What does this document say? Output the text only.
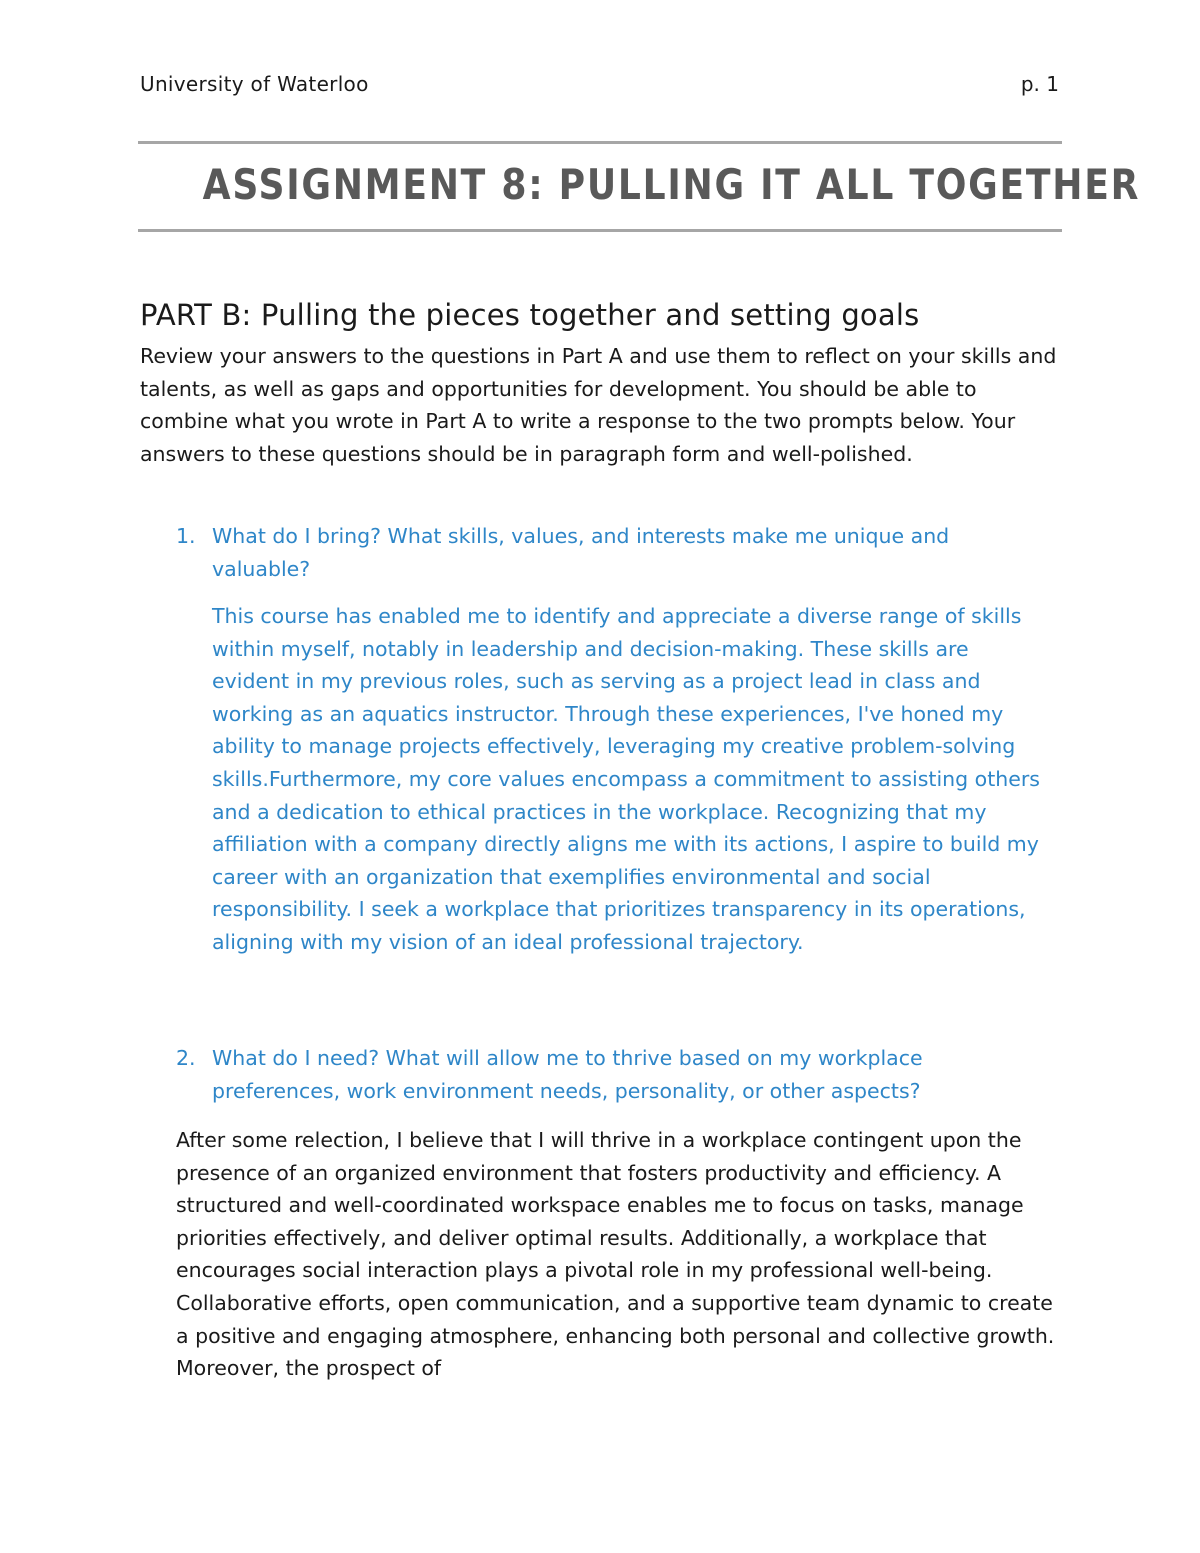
University of Waterloo	p. 1
ASSIGNMENT 8: PULLING IT ALL TOGETHER
PART B: Pulling the pieces together and setting goals

Review your answers to the questions in Part A and use them to reflect on your skills and talents, as well as gaps and opportunities for development. You should be able to combine what you wrote in Part A to write a response to the two prompts below. Your answers to these questions should be in paragraph form and well-polished.

1. What do I bring? What skills, values, and interests make me unique and valuable?

This course has enabled me to identify and appreciate a diverse range of skills within myself, notably in leadership and decision-making. These skills are evident in my previous roles, such as serving as a project lead in class and working as an aquatics instructor. Through these experiences, I've honed my ability to manage projects effectively, leveraging my creative problem-solving skills.Furthermore, my core values encompass a commitment to assisting others and a dedication to ethical practices in the workplace. Recognizing that my affiliation with a company directly aligns me with its actions, I aspire to build my career with an organization that exemplifies environmental and social responsibility. I seek a workplace that prioritizes transparency in its operations, aligning with my vision of an ideal professional trajectory.

2. What do I need? What will allow me to thrive based on my workplace preferences, work environment needs, personality, or other aspects?

After some relection, I believe that I will thrive in a workplace contingent upon the presence of an organized environment that fosters productivity and efficiency. A structured and well-coordinated workspace enables me to focus on tasks, manage priorities effectively, and deliver optimal results. Additionally, a workplace that encourages social interaction plays a pivotal role in my professional well-being. Collaborative efforts, open communication, and a supportive team dynamic to create a positive and engaging atmosphere, enhancing both personal and collective growth. Moreover, the prospect of
